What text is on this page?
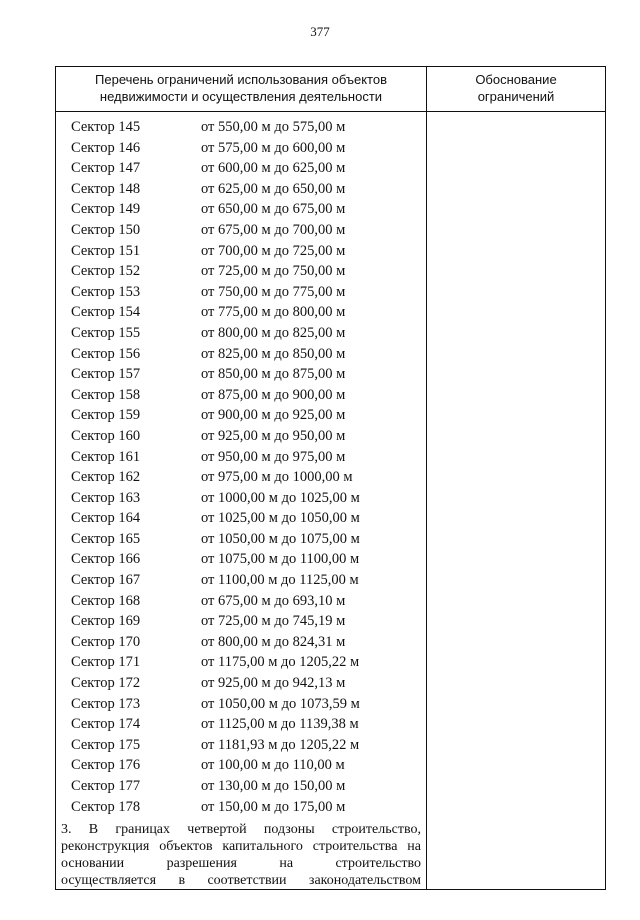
377
Перечень ограничений использования объектов
недвижимости и осуществления деятельности
Обоснование
ограничений
Сектор 145	от 550,00 м до 575,00 м
Сектор 146	от 575,00 м до 600,00 м
Сектор 147	от 600,00 м до 625,00 м
Сектор 148	от 625,00 м до 650,00 м
Сектор 149	от 650,00 м до 675,00 м
Сектор 150	от 675,00 м до 700,00 м
Сектор 151	от 700,00 м до 725,00 м
Сектор 152	от 725,00 м до 750,00 м
Сектор 153	от 750,00 м до 775,00 м
Сектор 154	от 775,00 м до 800,00 м
Сектор 155	от 800,00 м до 825,00 м
Сектор 156	от 825,00 м до 850,00 м
Сектор 157	от 850,00 м до 875,00 м
Сектор 158	от 875,00 м до 900,00 м
Сектор 159	от 900,00 м до 925,00 м
Сектор 160	от 925,00 м до 950,00 м
Сектор 161	от 950,00 м до 975,00 м
Сектор 162	от 975,00 м до 1000,00 м
Сектор 163	от 1000,00 м до 1025,00 м
Сектор 164	от 1025,00 м до 1050,00 м
Сектор 165	от 1050,00 м до 1075,00 м
Сектор 166	от 1075,00 м до 1100,00 м
Сектор 167	от 1100,00 м до 1125,00 м
Сектор 168	от 675,00 м до 693,10 м
Сектор 169	от 725,00 м до 745,19 м
Сектор 170	от 800,00 м до 824,31 м
Сектор 171	от 1175,00 м до 1205,22 м
Сектор 172	от 925,00 м до 942,13 м
Сектор 173	от 1050,00 м до 1073,59 м
Сектор 174	от 1125,00 м до 1139,38 м
Сектор 175	от 1181,93 м до 1205,22 м
Сектор 176	от 100,00 м до 110,00 м
Сектор 177	от 130,00 м до 150,00 м
Сектор 178	от 150,00 м до 175,00 м
3. В границах четвертой подзоны строительство,
реконструкция объектов капитального строительства на
основании	разрешения	на	строительство
осуществляется в соответствии законодательством
